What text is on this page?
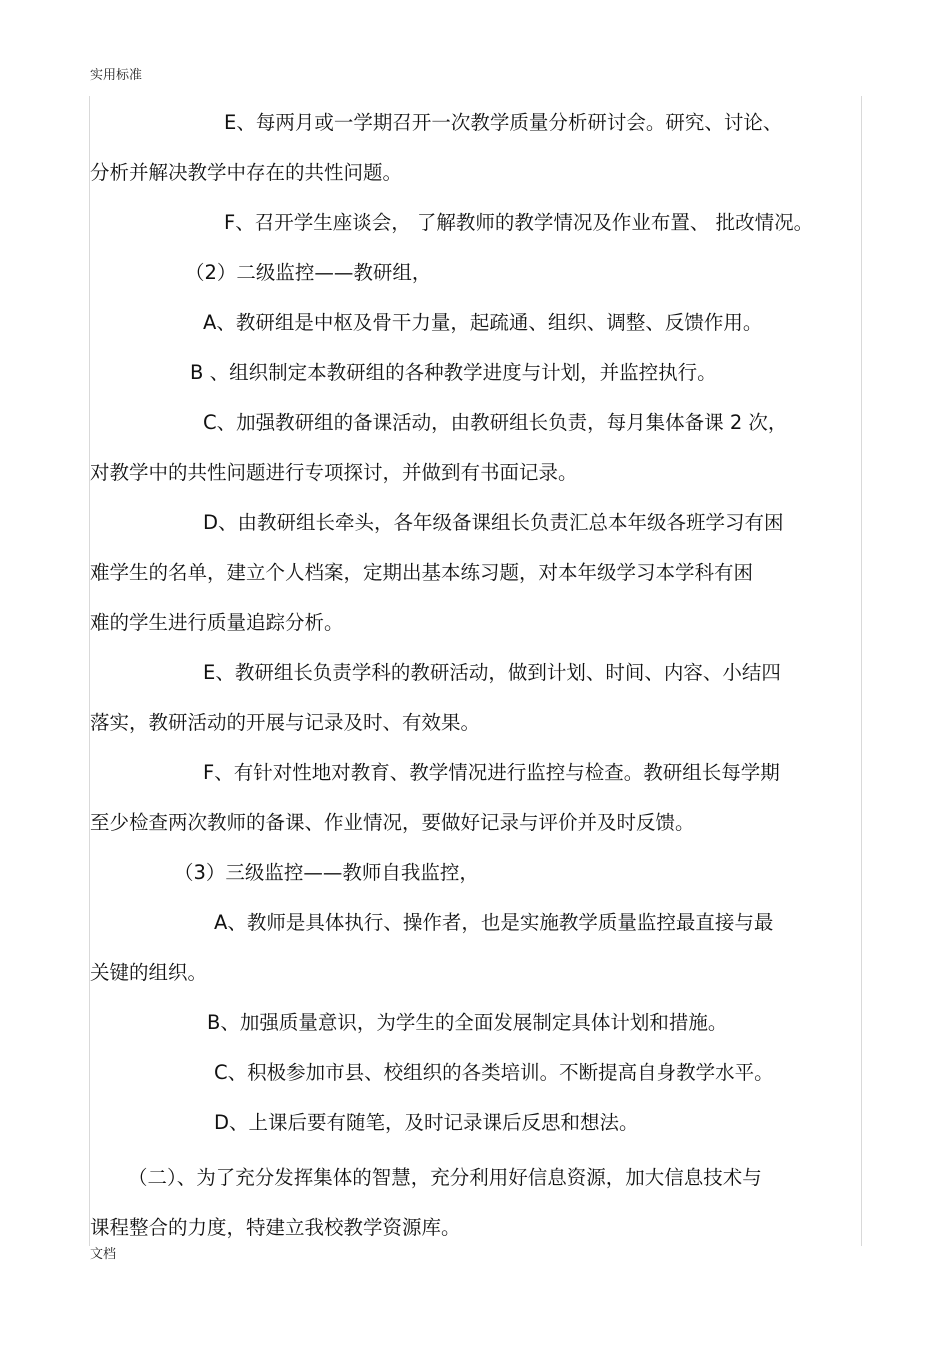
实用标准
E、每两月或一学期召开一次教学质量分析研讨会。研究、讨论、
分析并解决教学中存在的共性问题。
F、召开学生座谈会， 了解教师的教学情况及作业布置、 批改情况。
（2）二级监控——教研组，
A、教研组是中枢及骨干力量，起疏通、组织、调整、反馈作用。
B 、组织制定本教研组的各种教学进度与计划，并监控执行。
C、加强教研组的备课活动，由教研组长负责，每月集体备课 2 次，
对教学中的共性问题进行专项探讨，并做到有书面记录。
D、由教研组长牵头，各年级备课组长负责汇总本年级各班学习有困
难学生的名单，建立个人档案，定期出基本练习题，对本年级学习本学科有困
难的学生进行质量追踪分析。
E、教研组长负责学科的教研活动，做到计划、时间、内容、小结四
落实，教研活动的开展与记录及时、有效果。
F、有针对性地对教育、教学情况进行监控与检查。教研组长每学期
至少检查两次教师的备课、作业情况，要做好记录与评价并及时反馈。
（3）三级监控——教师自我监控，
A、教师是具体执行、操作者，也是实施教学质量监控最直接与最
关键的组织。
B、加强质量意识，为学生的全面发展制定具体计划和措施。
C、积极参加市县、校组织的各类培训。不断提高自身教学水平。
D、上课后要有随笔，及时记录课后反思和想法。
（二）、为了充分发挥集体的智慧，充分利用好信息资源，加大信息技术与
课程整合的力度，特建立我校教学资源库。
文档
